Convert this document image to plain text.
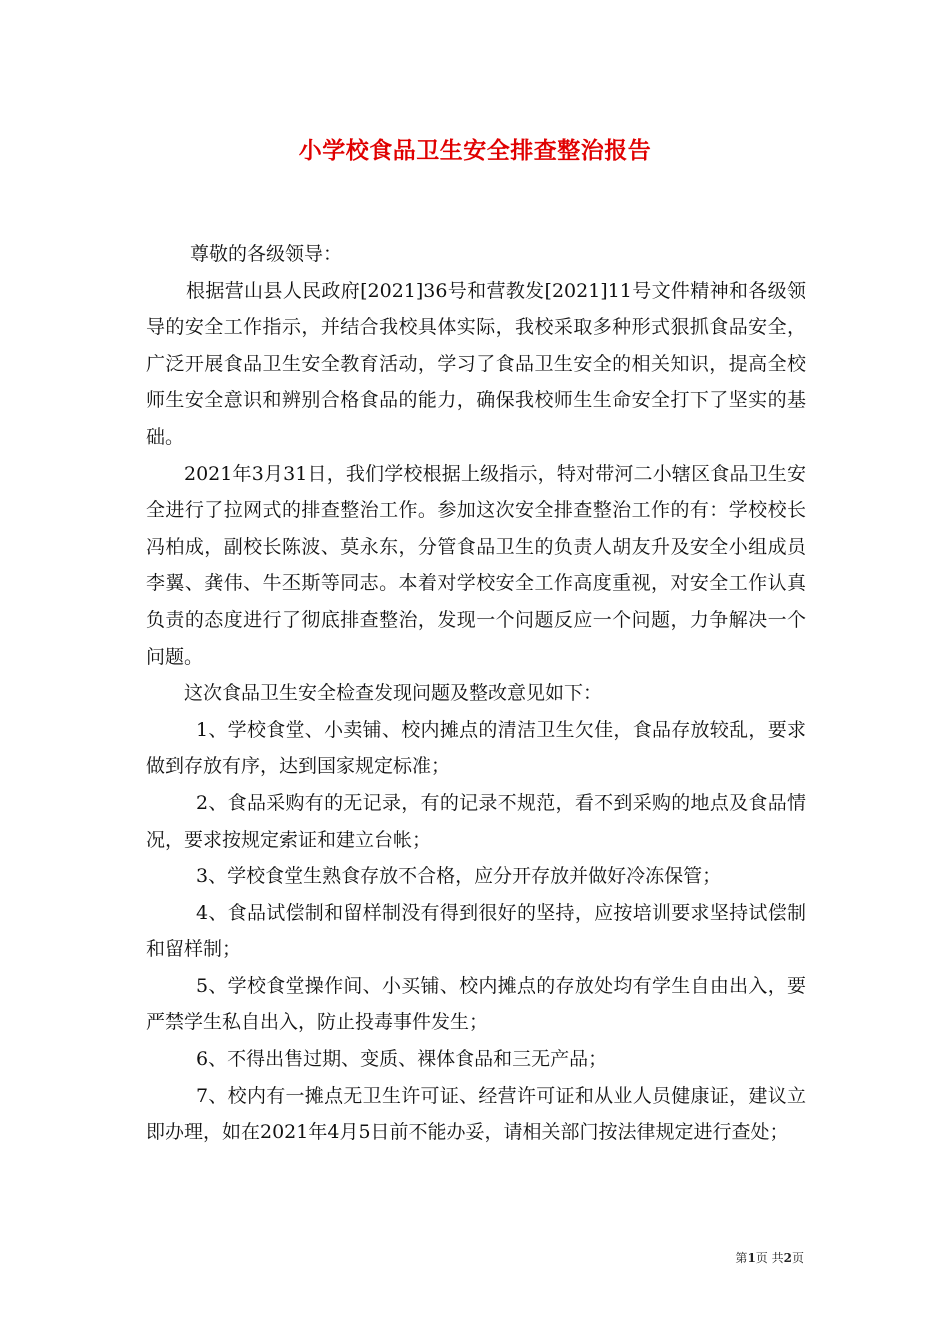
小学校食品卫生安全排查整治报告

尊敬的各级领导：

根据营山县人民政府[2021]36号和营教发[2021]11号文件精神和各级领导的安全工作指示，并结合我校具体实际，我校采取多种形式狠抓食品安全，广泛开展食品卫生安全教育活动，学习了食品卫生安全的相关知识，提高全校师生安全意识和辨别合格食品的能力，确保我校师生生命安全打下了坚实的基础。

2021年3月31日，我们学校根据上级指示，特对带河二小辖区食品卫生安全进行了拉网式的排查整治工作。参加这次安全排查整治工作的有：学校校长冯柏成，副校长陈波、莫永东，分管食品卫生的负责人胡友升及安全小组成员李翼、龚伟、牛丕斯等同志。本着对学校安全工作高度重视，对安全工作认真负责的态度进行了彻底排查整治，发现一个问题反应一个问题，力争解决一个问题。

这次食品卫生安全检查发现问题及整改意见如下：

1、学校食堂、小卖铺、校内摊点的清洁卫生欠佳，食品存放较乱，要求做到存放有序，达到国家规定标准；

2、食品采购有的无记录，有的记录不规范，看不到采购的地点及食品情况，要求按规定索证和建立台帐；

3、学校食堂生熟食存放不合格，应分开存放并做好冷冻保管；

4、食品试偿制和留样制没有得到很好的坚持，应按培训要求坚持试偿制和留样制；

5、学校食堂操作间、小买铺、校内摊点的存放处均有学生自由出入，要严禁学生私自出入，防止投毒事件发生；

6、不得出售过期、变质、裸体食品和三无产品；

7、校内有一摊点无卫生许可证、经营许可证和从业人员健康证，建议立即办理，如在2021年4月5日前不能办妥，请相关部门按法律规定进行查处；

第1页 共2页
